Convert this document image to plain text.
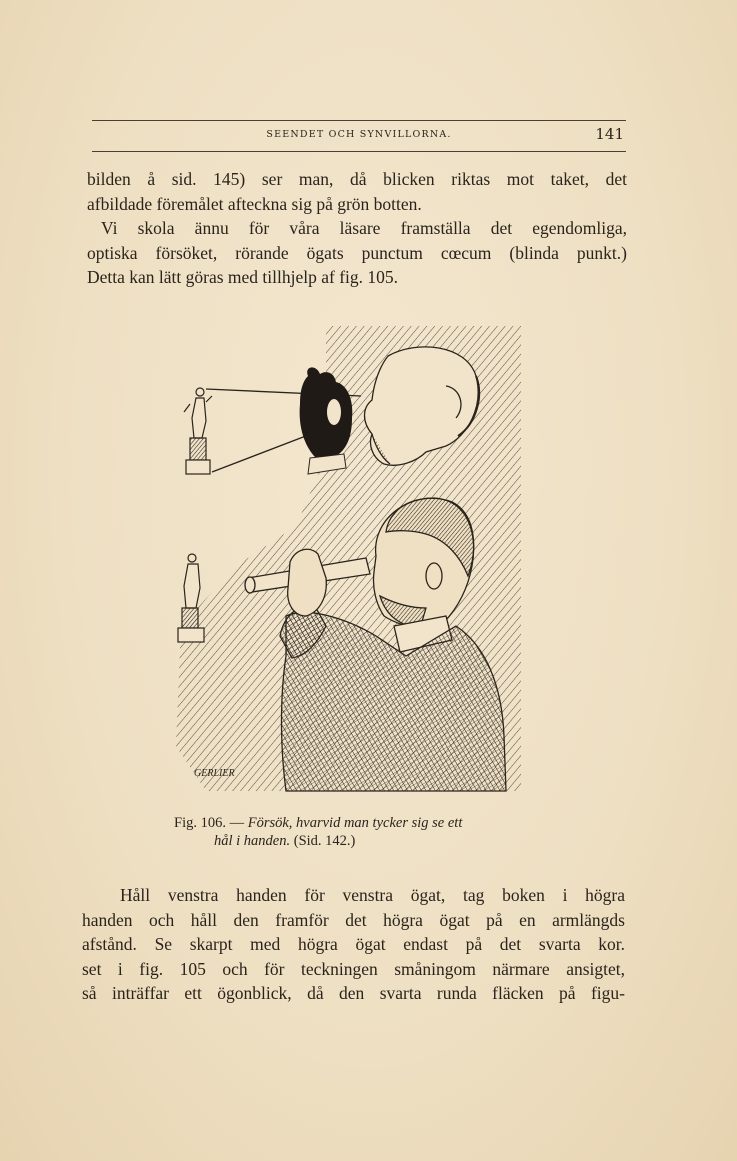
SEENDET OCH SYNVILLORNA.	141
bilden å sid. 145) ser man, då blicken riktas mot taket, det
afbildade föremålet afteckna sig på grön botten.
Vi skola ännu för våra läsare framställa det egendomliga,
optiska försöket, rörande ögats punctum cœcum (blinda punkt.)
Detta kan lätt göras med tillhjelp af fig. 105.
GERLIER
Fig. 106. — Försök, hvarvid man tycker sig se ett
hål i handen. (Sid. 142.)
Håll venstra handen för venstra ögat, tag boken i högra
handen och håll den framför det högra ögat på en armlängds
afstånd. Se skarpt med högra ögat endast på det svarta kor.
set i fig. 105 och för teckningen småningom närmare ansigtet,
så inträffar ett ögonblick, då den svarta runda fläcken på figu-
